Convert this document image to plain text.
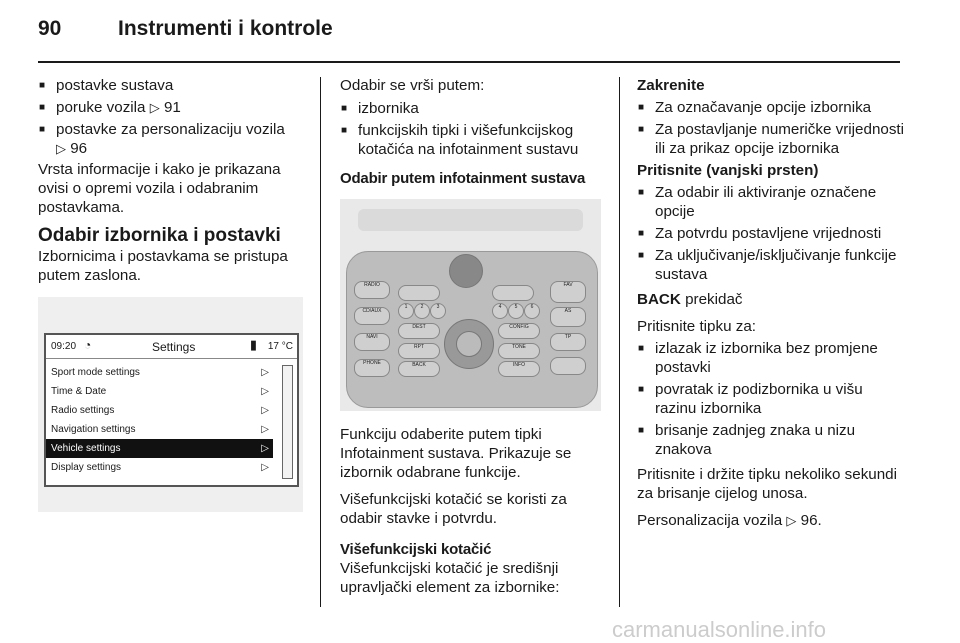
90	Instrumenti i kontrole
■ postavke sustava
■ poruke vozila ▷ 91
■ postavke za personalizaciju vozila
▷ 96

Vrsta informacije i kako je prikazana ovisi o opremi vozila i odabranim postavkama.

Odabir izbornika i postavki

Izbornicima i postavkama se pristupa putem zaslona.

09:20 ◔	Settings	▮ 17 °C
Sport mode settings	▷
Time & Date	▷
Radio settings	▷
Navigation settings	▷
Vehicle settings	▷
Display settings	▷

Odabir se vrši putem:

■ izbornika
■ funkcijskih tipki i višefunkcijskog kotačića na infotainment sustavu
Odabir putem infotainment sustava
RADIO
CD/AUX
NAVI
PHONE
1	2	3
DEST
RPT
BACK
4	5	6
CONFIG
TONE
INFO
FAV
AS
TP

Funkciju odaberite putem tipki Infotainment sustava. Prikazuje se izbornik odabrane funkcije.

Višefunkcijski kotačić se koristi za odabir stavke i potvrdu.

Višefunkcijski kotačić

Višefunkcijski kotačić je središnji upravljački element za izbornike:

Zakrenite
■ Za označavanje opcije izbornika
■ Za postavljanje numeričke vrijednosti ili za prikaz opcije izbornika
Pritisnite (vanjski prsten)
■ Za odabir ili aktiviranje označene opcije
■ Za potvrdu postavljene vrijednosti
■ Za uključivanje/isključivanje funkcije sustava

BACK prekidač

Pritisnite tipku za:

■ izlazak iz izbornika bez promjene postavki
■ povratak iz podizbornika u višu razinu izbornika
■ brisanje zadnjeg znaka u nizu znakova

Pritisnite i držite tipku nekoliko sekundi za brisanje cijelog unosa.

Personalizacija vozila ▷ 96.

carmanualsonline.info
